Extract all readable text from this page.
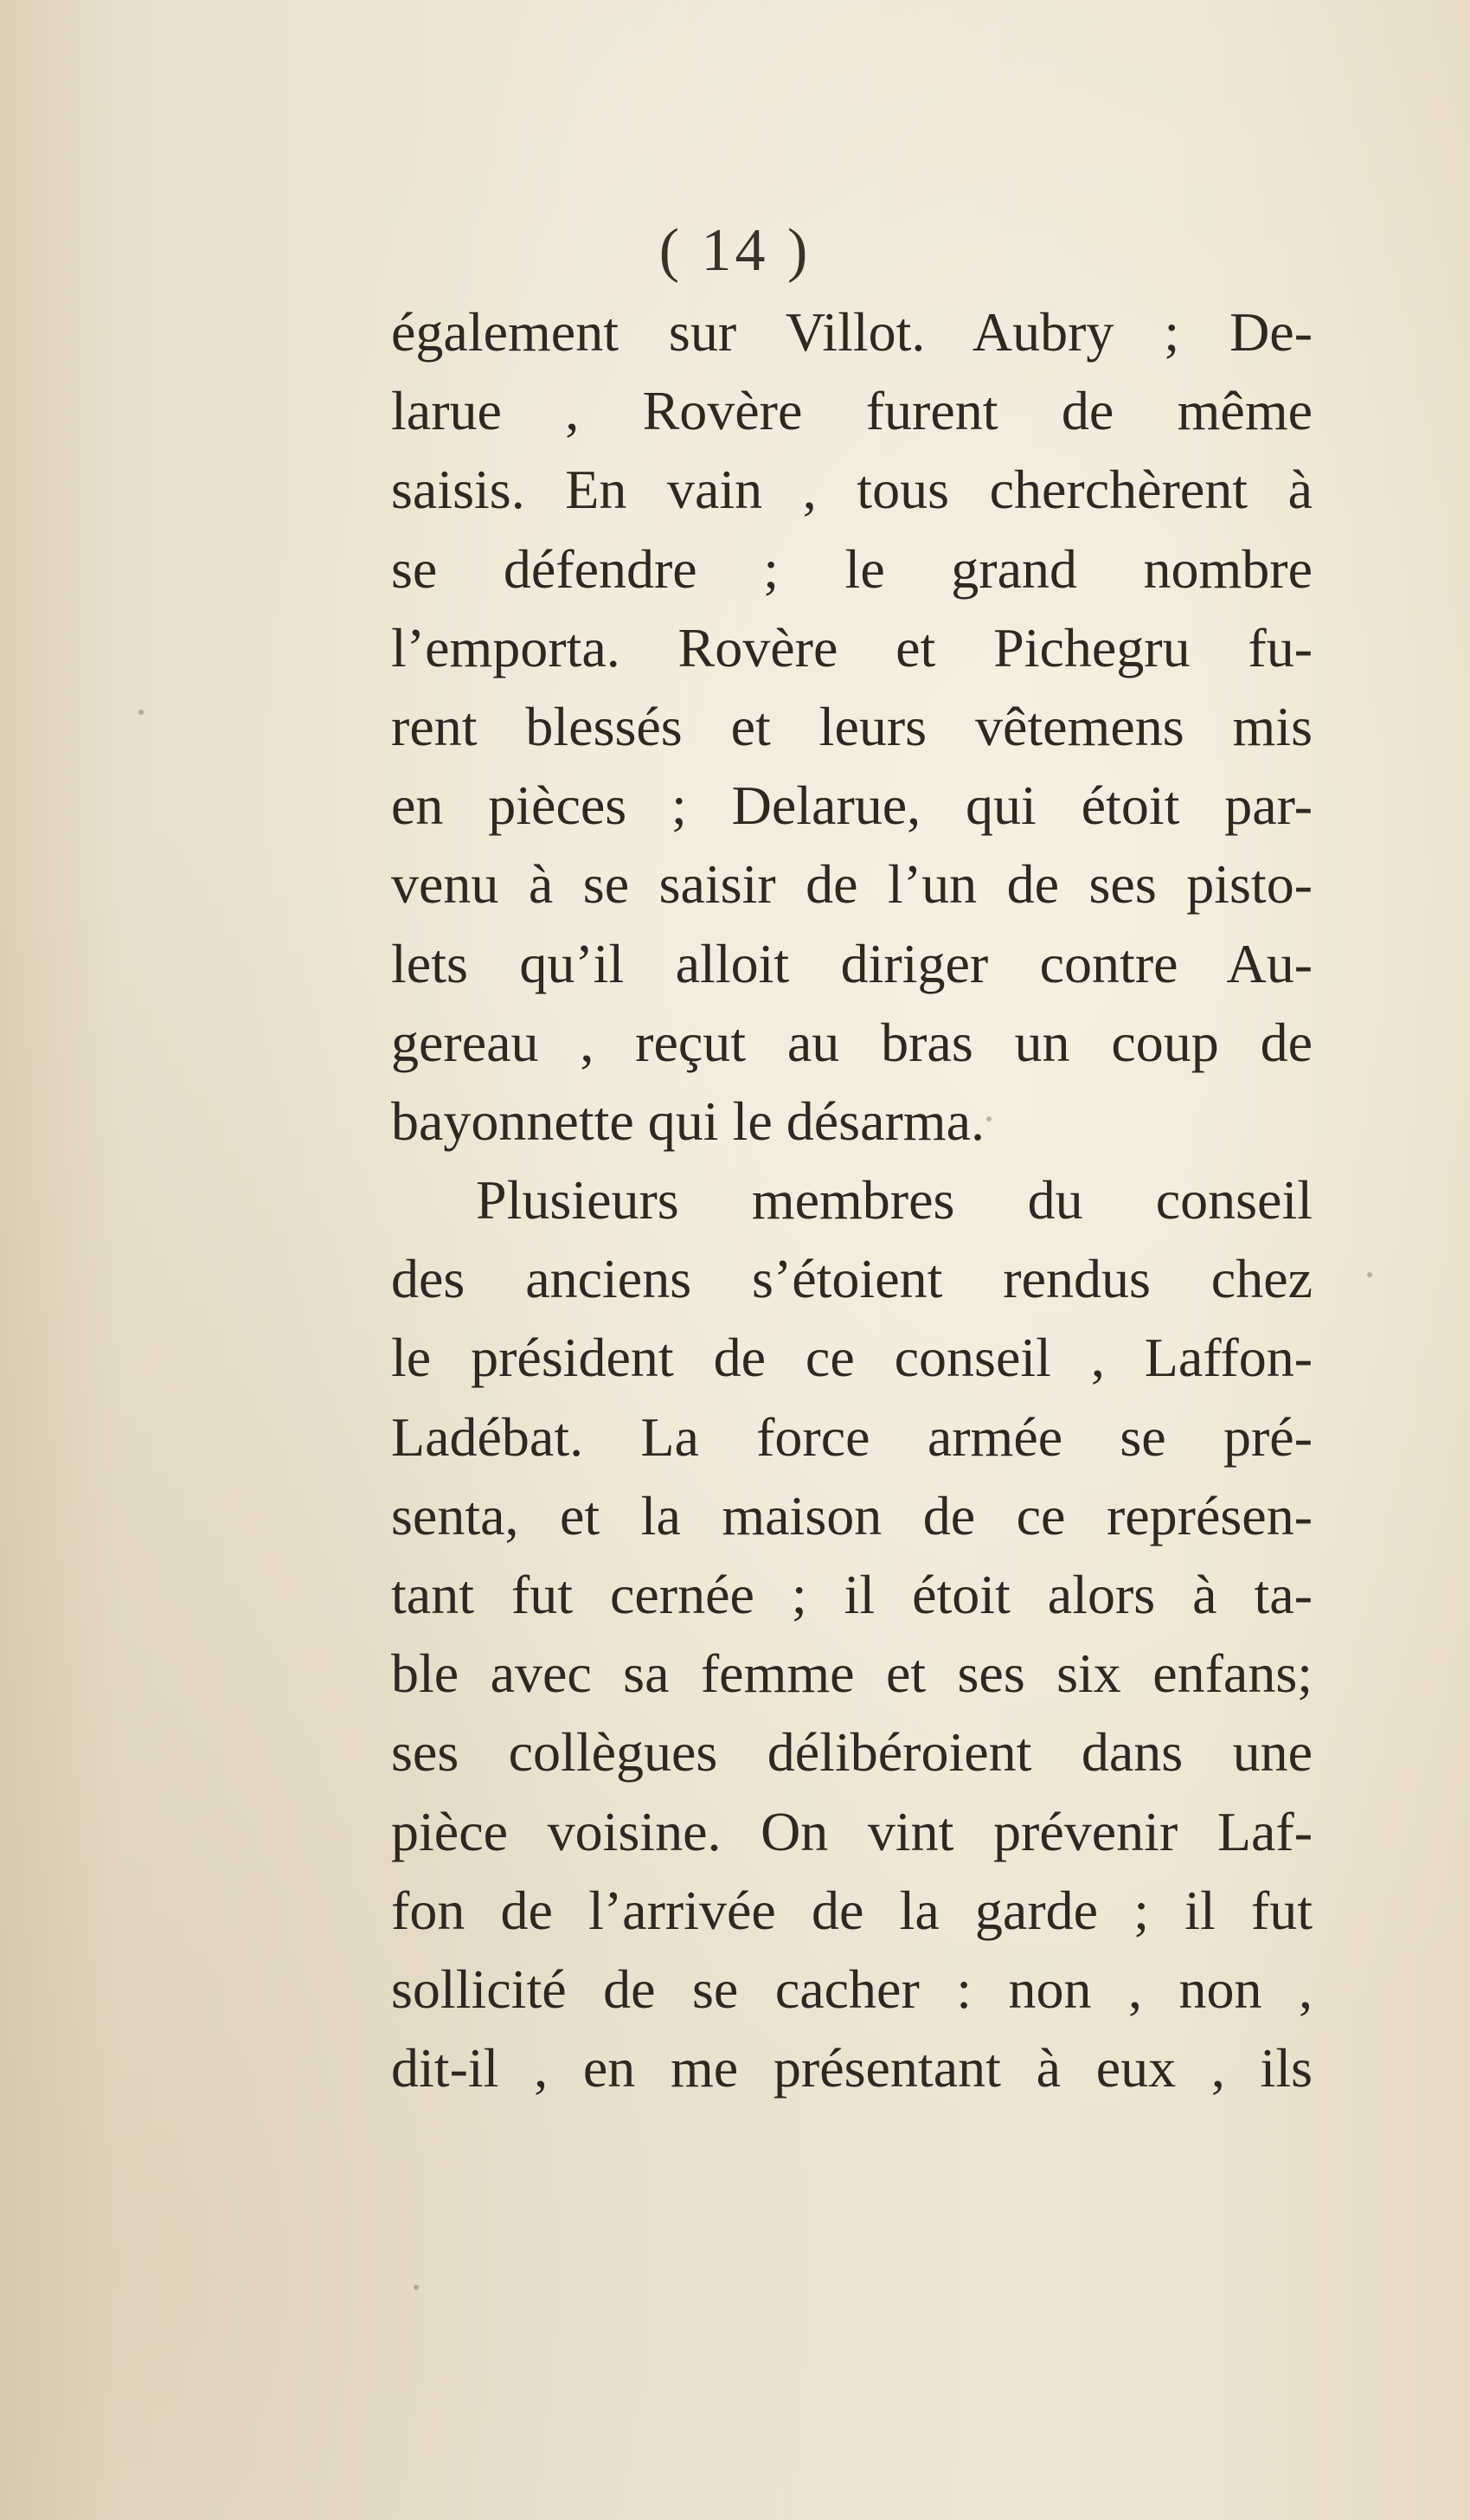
( 14 )
également sur Villot. Aubry ; De-
larue , Rovère furent de même
saisis. En vain , tous cherchèrent à
se défendre ; le grand nombre
l’emporta. Rovère et Pichegru fu-
rent blessés et leurs vêtemens mis
en pièces ; Delarue, qui étoit par-
venu à se saisir de l’un de ses pisto-
lets qu’il alloit diriger contre Au-
gereau , reçut au bras un coup de
bayonnette qui le désarma.
Plusieurs membres du conseil
des anciens s’étoient rendus chez
le président de ce conseil , Laffon-
Ladébat. La force armée se pré-
senta, et la maison de ce représen-
tant fut cernée ; il étoit alors à ta-
ble avec sa femme et ses six enfans;
ses collègues délibéroient dans une
pièce voisine. On vint prévenir Laf-
fon de l’arrivée de la garde ; il fut
sollicité de se cacher : non , non ,
dit-il , en me présentant à eux , ils
